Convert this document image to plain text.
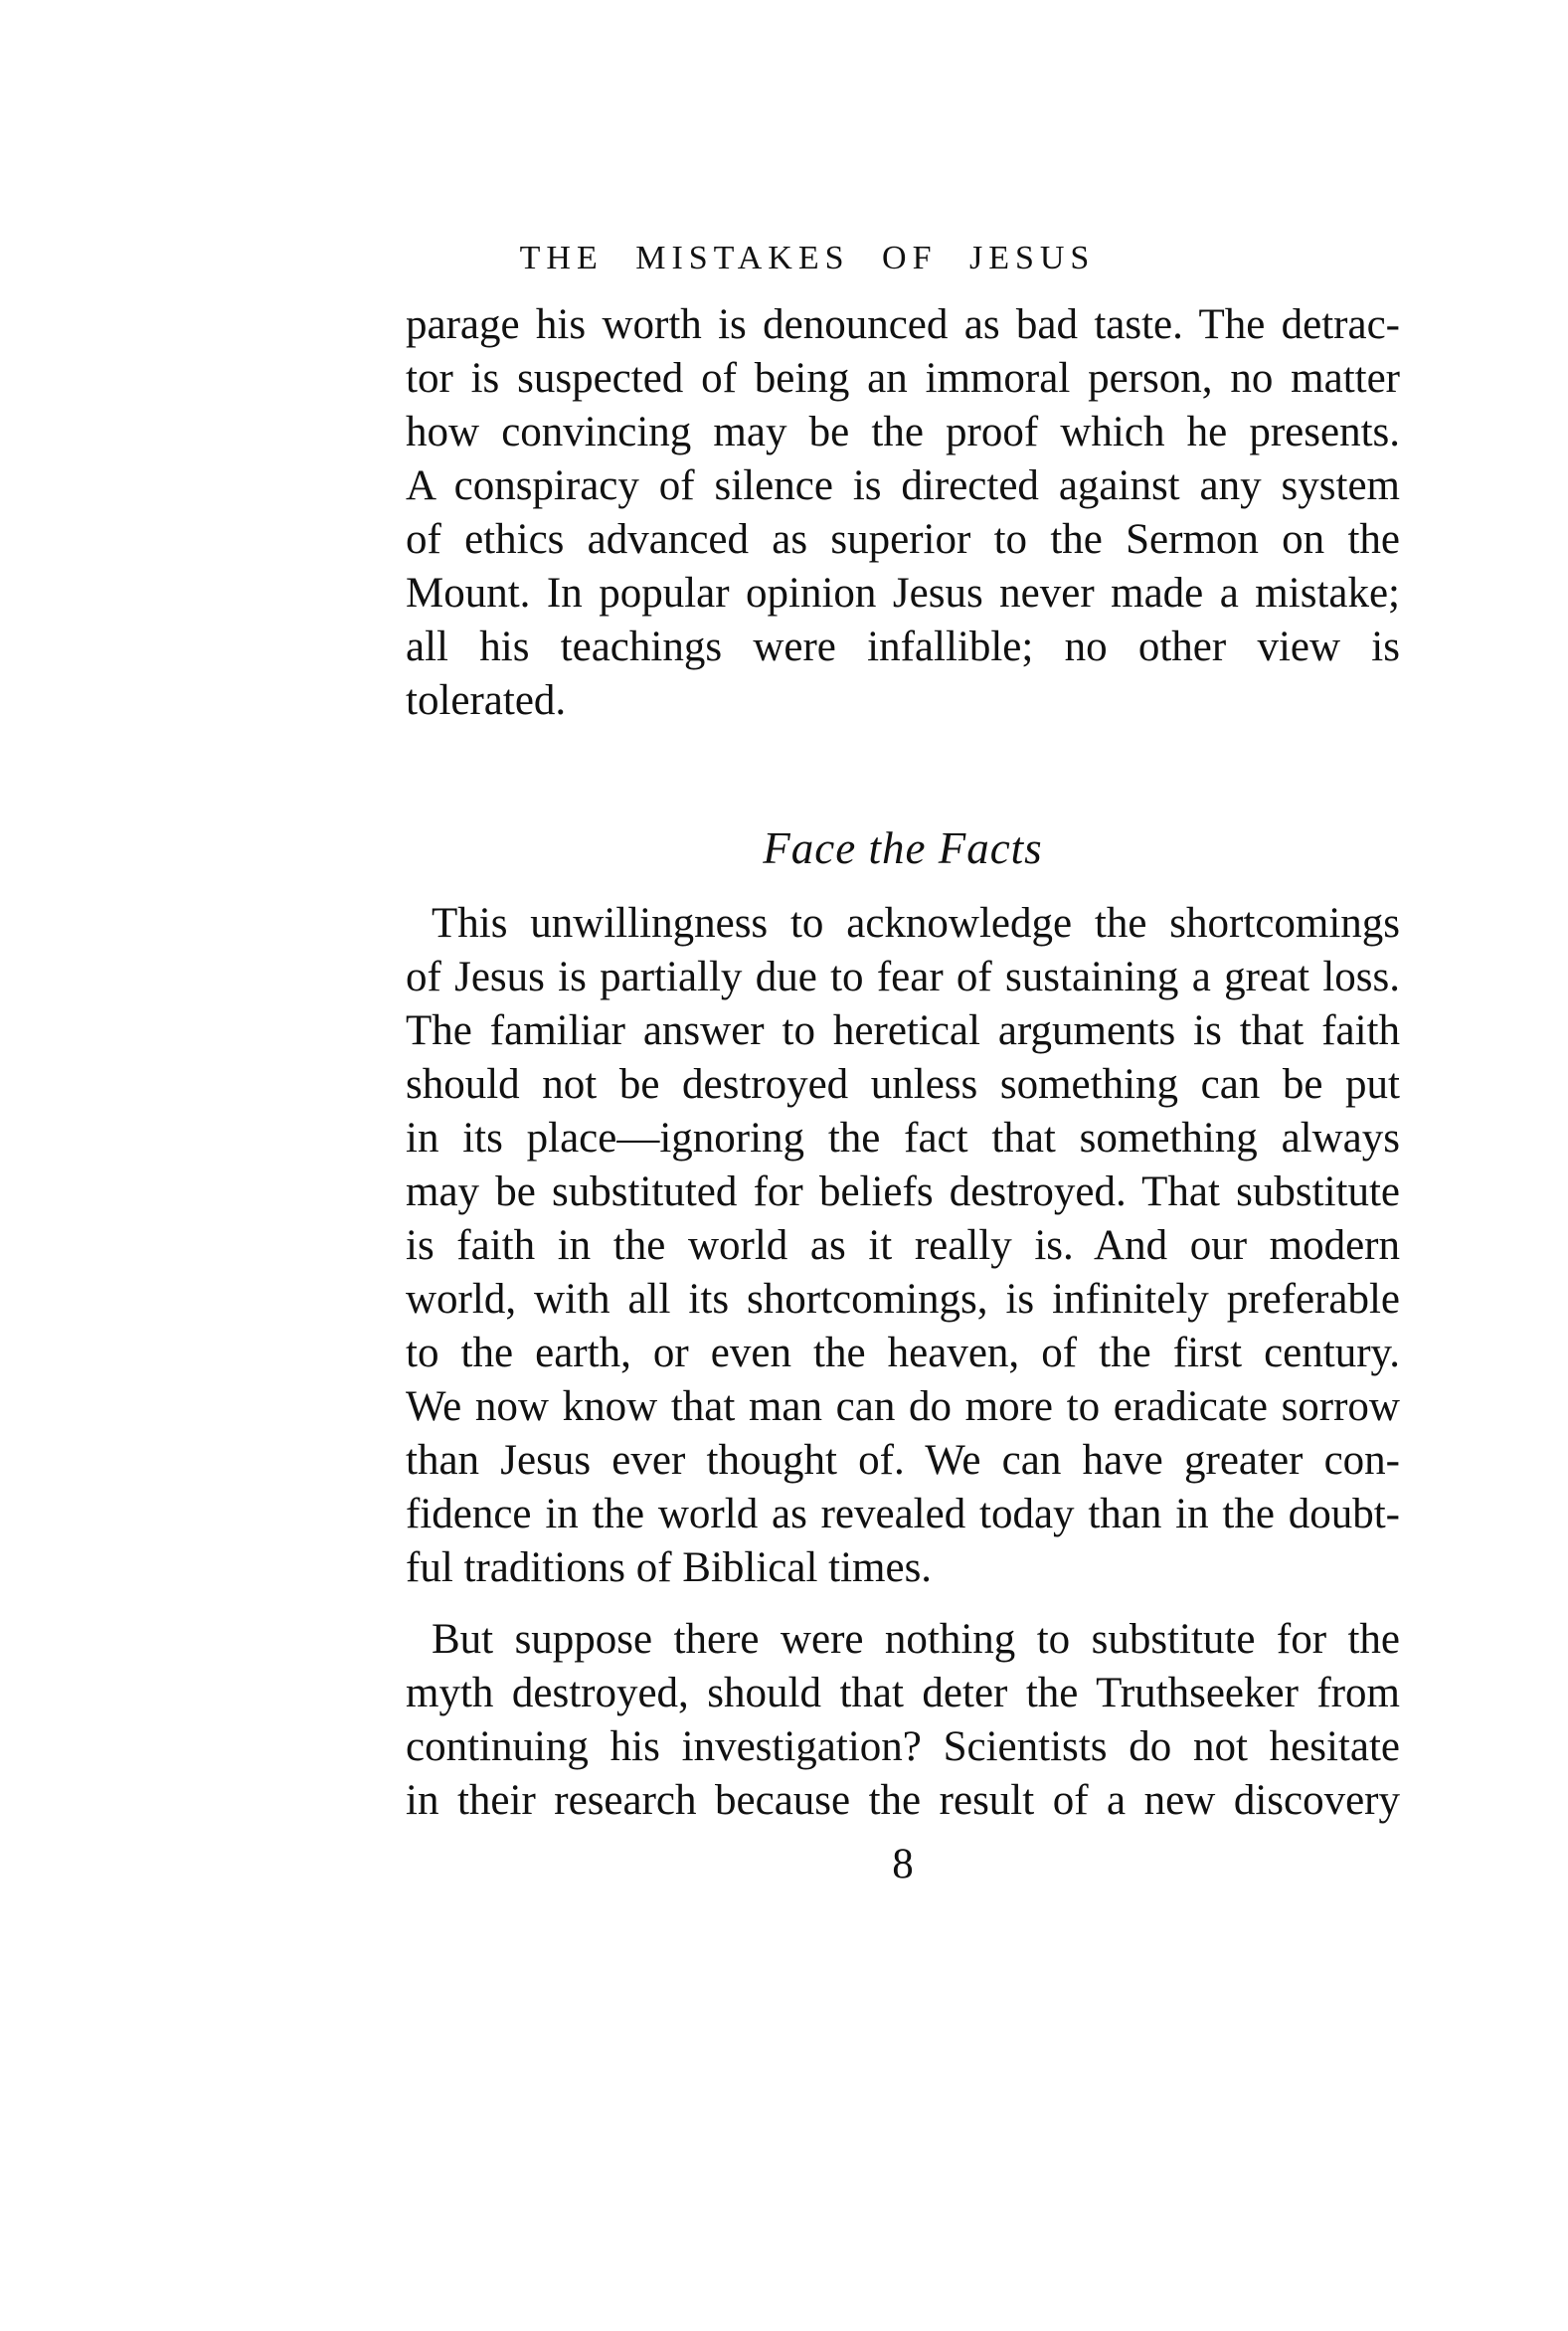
THE MISTAKES OF JESUS
parage his worth is denounced as bad taste. The detrac-
tor is suspected of being an immoral person, no matter
how convincing may be the proof which he presents.
A conspiracy of silence is directed against any system
of ethics advanced as superior to the Sermon on the
Mount. In popular opinion Jesus never made a mistake;
all his teachings were infallible; no other view is
tolerated.
Face the Facts
This unwillingness to acknowledge the shortcomings
of Jesus is partially due to fear of sustaining a great loss.
The familiar answer to heretical arguments is that faith
should not be destroyed unless something can be put
in its place—ignoring the fact that something always
may be substituted for beliefs destroyed. That substitute
is faith in the world as it really is. And our modern
world, with all its shortcomings, is infinitely preferable
to the earth, or even the heaven, of the first century.
We now know that man can do more to eradicate sorrow
than Jesus ever thought of. We can have greater con-
fidence in the world as revealed today than in the doubt-
ful traditions of Biblical times.
But suppose there were nothing to substitute for the
myth destroyed, should that deter the Truthseeker from
continuing his investigation? Scientists do not hesitate
in their research because the result of a new discovery
8
